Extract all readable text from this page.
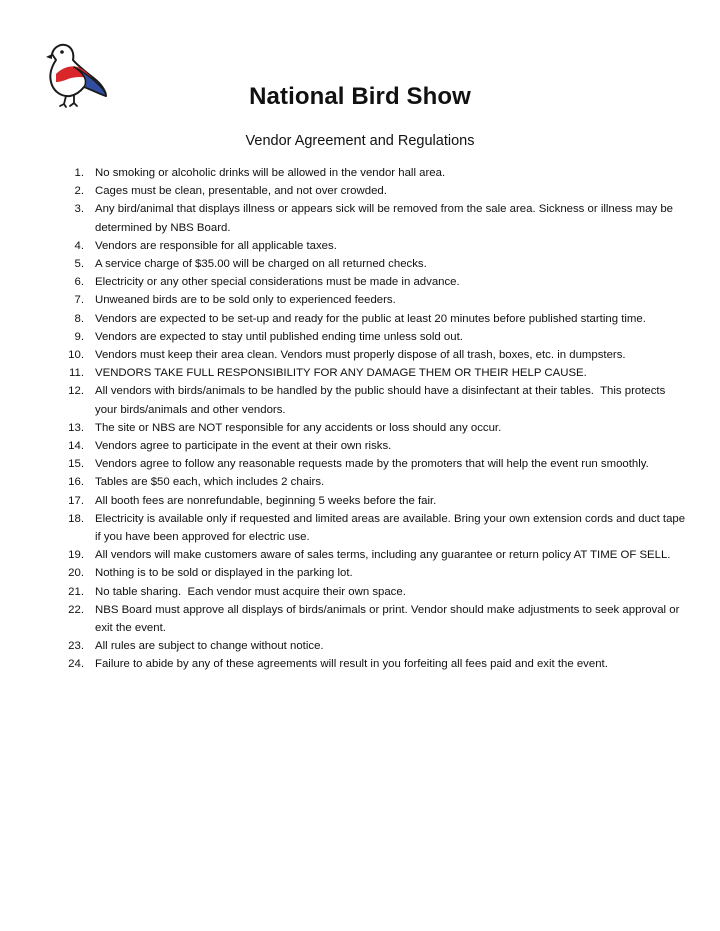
National Bird Show
Vendor Agreement and Regulations
1. No smoking or alcoholic drinks will be allowed in the vendor hall area.
2. Cages must be clean, presentable, and not over crowded.
3. Any bird/animal that displays illness or appears sick will be removed from the sale area. Sickness or illness may be determined by NBS Board.
4. Vendors are responsible for all applicable taxes.
5. A service charge of $35.00 will be charged on all returned checks.
6. Electricity or any other special considerations must be made in advance.
7. Unweaned birds are to be sold only to experienced feeders.
8. Vendors are expected to be set-up and ready for the public at least 20 minutes before published starting time.
9. Vendors are expected to stay until published ending time unless sold out.
10. Vendors must keep their area clean. Vendors must properly dispose of all trash, boxes, etc. in dumpsters.
11. VENDORS TAKE FULL RESPONSIBILITY FOR ANY DAMAGE THEM OR THEIR HELP CAUSE.
12. All vendors with birds/animals to be handled by the public should have a disinfectant at their tables.  This protects your birds/animals and other vendors.
13. The site or NBS are NOT responsible for any accidents or loss should any occur.
14. Vendors agree to participate in the event at their own risks.
15. Vendors agree to follow any reasonable requests made by the promoters that will help the event run smoothly.
16. Tables are $50 each, which includes 2 chairs.
17. All booth fees are nonrefundable, beginning 5 weeks before the fair.
18. Electricity is available only if requested and limited areas are available. Bring your own extension cords and duct tape if you have been approved for electric use.
19. All vendors will make customers aware of sales terms, including any guarantee or return policy AT TIME OF SELL.
20. Nothing is to be sold or displayed in the parking lot.
21. No table sharing.  Each vendor must acquire their own space.
22. NBS Board must approve all displays of birds/animals or print. Vendor should make adjustments to seek approval or exit the event.
23. All rules are subject to change without notice.
24. Failure to abide by any of these agreements will result in you forfeiting all fees paid and exit the event.
